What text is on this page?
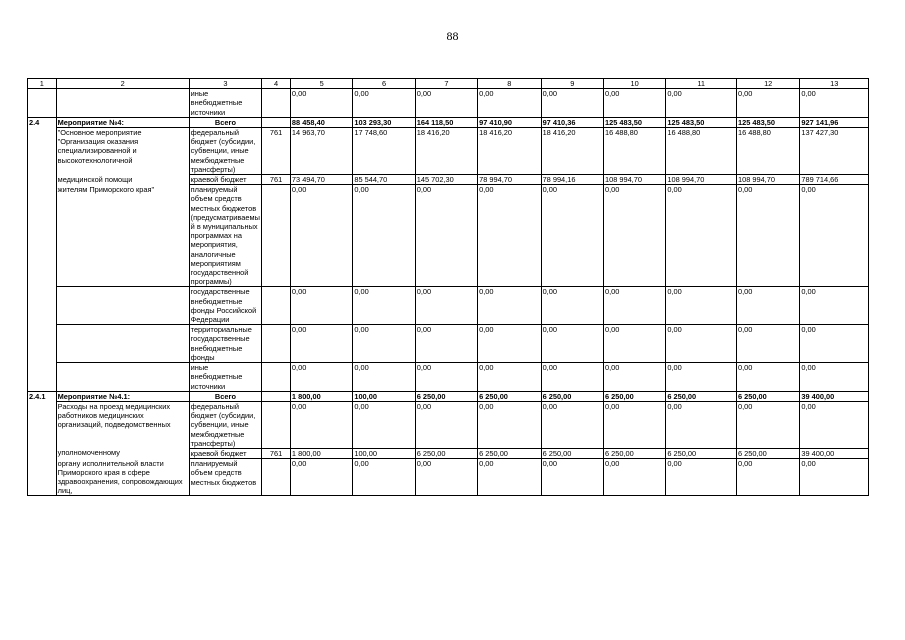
88
1	2	3	4	5	6	7	8	9	10	11	12	13
		иные внебюджетные источники		0,00	0,00	0,00	0,00	0,00	0,00	0,00	0,00	0,00
2.4	Мероприятие №4:	Всего		88 458,40	103 293,30	164 118,50	97 410,90	97 410,36	125 483,50	125 483,50	125 483,50	927 141,96
	"Основное мероприятие "Организация оказания специализированной и высокотехнологичной	федеральный бюджет (субсидии, субвенции, иные межбюджетные трансферты)	761	14 963,70	17 748,60	18 416,20	18 416,20	18 416,20	16 488,80	16 488,80	16 488,80	137 427,30
	медицинской помощи	краевой бюджет	761	73 494,70	85 544,70	145 702,30	78 994,70	78 994,16	108 994,70	108 994,70	108 994,70	789 714,66
	жителям Приморского края"	планируемый объем средств местных бюджетов (предусматриваемый в муниципальных программах на мероприятия, аналогичные мероприятиям государственной программы)		0,00	0,00	0,00	0,00	0,00	0,00	0,00	0,00	0,00
		государственные внебюджетные фонды Российской Федерации		0,00	0,00	0,00	0,00	0,00	0,00	0,00	0,00	0,00
		территориальные государственные внебюджетные фонды		0,00	0,00	0,00	0,00	0,00	0,00	0,00	0,00	0,00
		иные внебюджетные источники		0,00	0,00	0,00	0,00	0,00	0,00	0,00	0,00	0,00
2.4.1	Мероприятие №4.1:	Всего		1 800,00	100,00	6 250,00	6 250,00	6 250,00	6 250,00	6 250,00	6 250,00	39 400,00
	Расходы на проезд медицинских работников медицинских организаций, подведомственных	федеральный бюджет (субсидии, субвенции, иные межбюджетные трансферты)		0,00	0,00	0,00	0,00	0,00	0,00	0,00	0,00	0,00
	уполномоченному	краевой бюджет	761	1 800,00	100,00	6 250,00	6 250,00	6 250,00	6 250,00	6 250,00	6 250,00	39 400,00
	органу исполнительной власти Приморского края в сфере здравоохранения, сопровождающих лиц,	планируемый объем средств местных бюджетов		0,00	0,00	0,00	0,00	0,00	0,00	0,00	0,00	0,00
